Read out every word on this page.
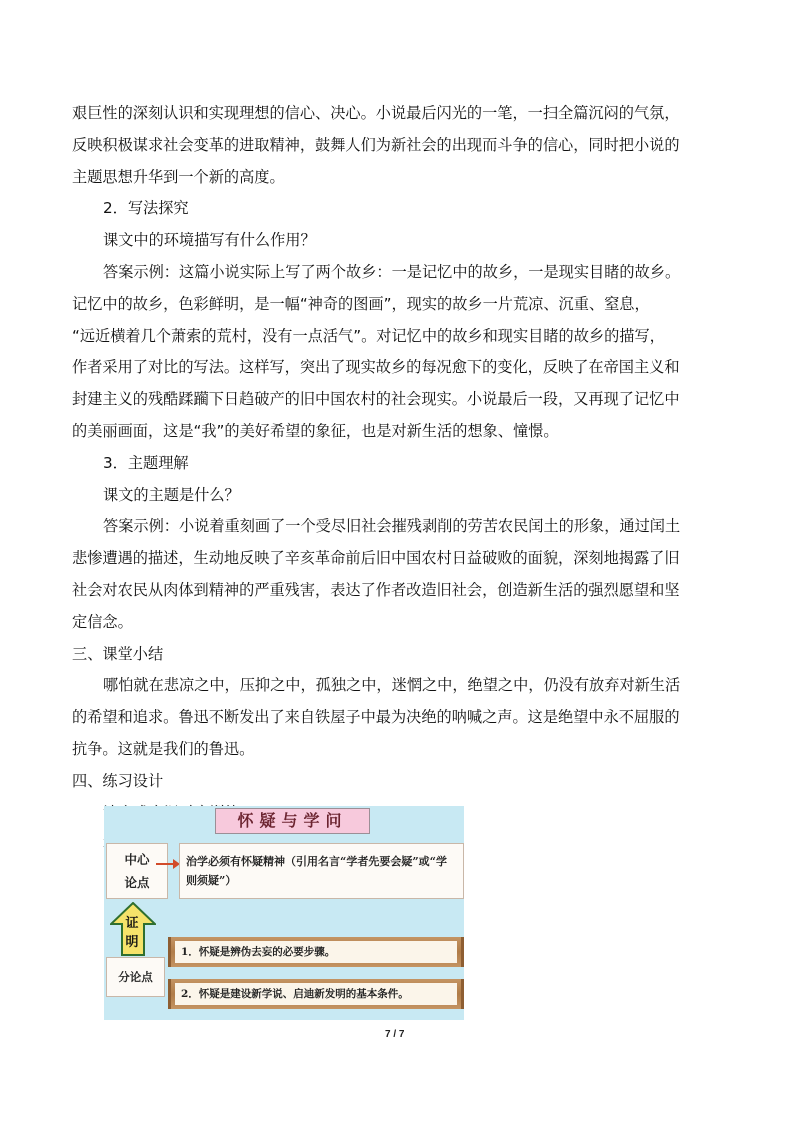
艰巨性的深刻认识和实现理想的信心、决心。小说最后闪光的一笔，一扫全篇沉闷的气氛，
反映积极谋求社会变革的进取精神，鼓舞人们为新社会的出现而斗争的信心，同时把小说的
主题思想升华到一个新的高度。
2．写法探究
课文中的环境描写有什么作用？
答案示例：这篇小说实际上写了两个故乡：一是记忆中的故乡，一是现实目睹的故乡。
记忆中的故乡，色彩鲜明，是一幅“神奇的图画”，现实的故乡一片荒凉、沉重、窒息，
“远近横着几个萧索的荒村，没有一点活气”。对记忆中的故乡和现实目睹的故乡的描写，
作者采用了对比的写法。这样写，突出了现实故乡的每况愈下的变化，反映了在帝国主义和
封建主义的残酷蹂躏下日趋破产的旧中国农村的社会现实。小说最后一段，又再现了记忆中
的美丽画面，这是“我”的美好希望的象征，也是对新生活的想象、憧憬。
3．主题理解
课文的主题是什么？
答案示例：小说着重刻画了一个受尽旧社会摧残剥削的劳苦农民闰土的形象，通过闰土
悲惨遭遇的描述，生动地反映了辛亥革命前后旧中国农村日益破败的面貌，深刻地揭露了旧
社会对农民从肉体到精神的严重残害，表达了作者改造旧社会，创造新生活的强烈愿望和坚
定信念。
三、课堂小结
哪怕就在悲凉之中，压抑之中，孤独之中，迷惘之中，绝望之中，仍没有放弃对新生活
的希望和追求。鲁迅不断发出了来自铁屋子中最为决绝的呐喊之声。这是绝望中永不屈服的
抗争。这就是我们的鲁迅。
四、练习设计
怀疑与学问
中心
论点
治学必须有怀疑精神（引用名言“学者先要会疑”或“学则须疑”）
证
明
分论点
1．怀疑是辨伪去妄的必要步骤。
2．怀疑是建设新学说、启迪新发明的基本条件。
7 / 7
